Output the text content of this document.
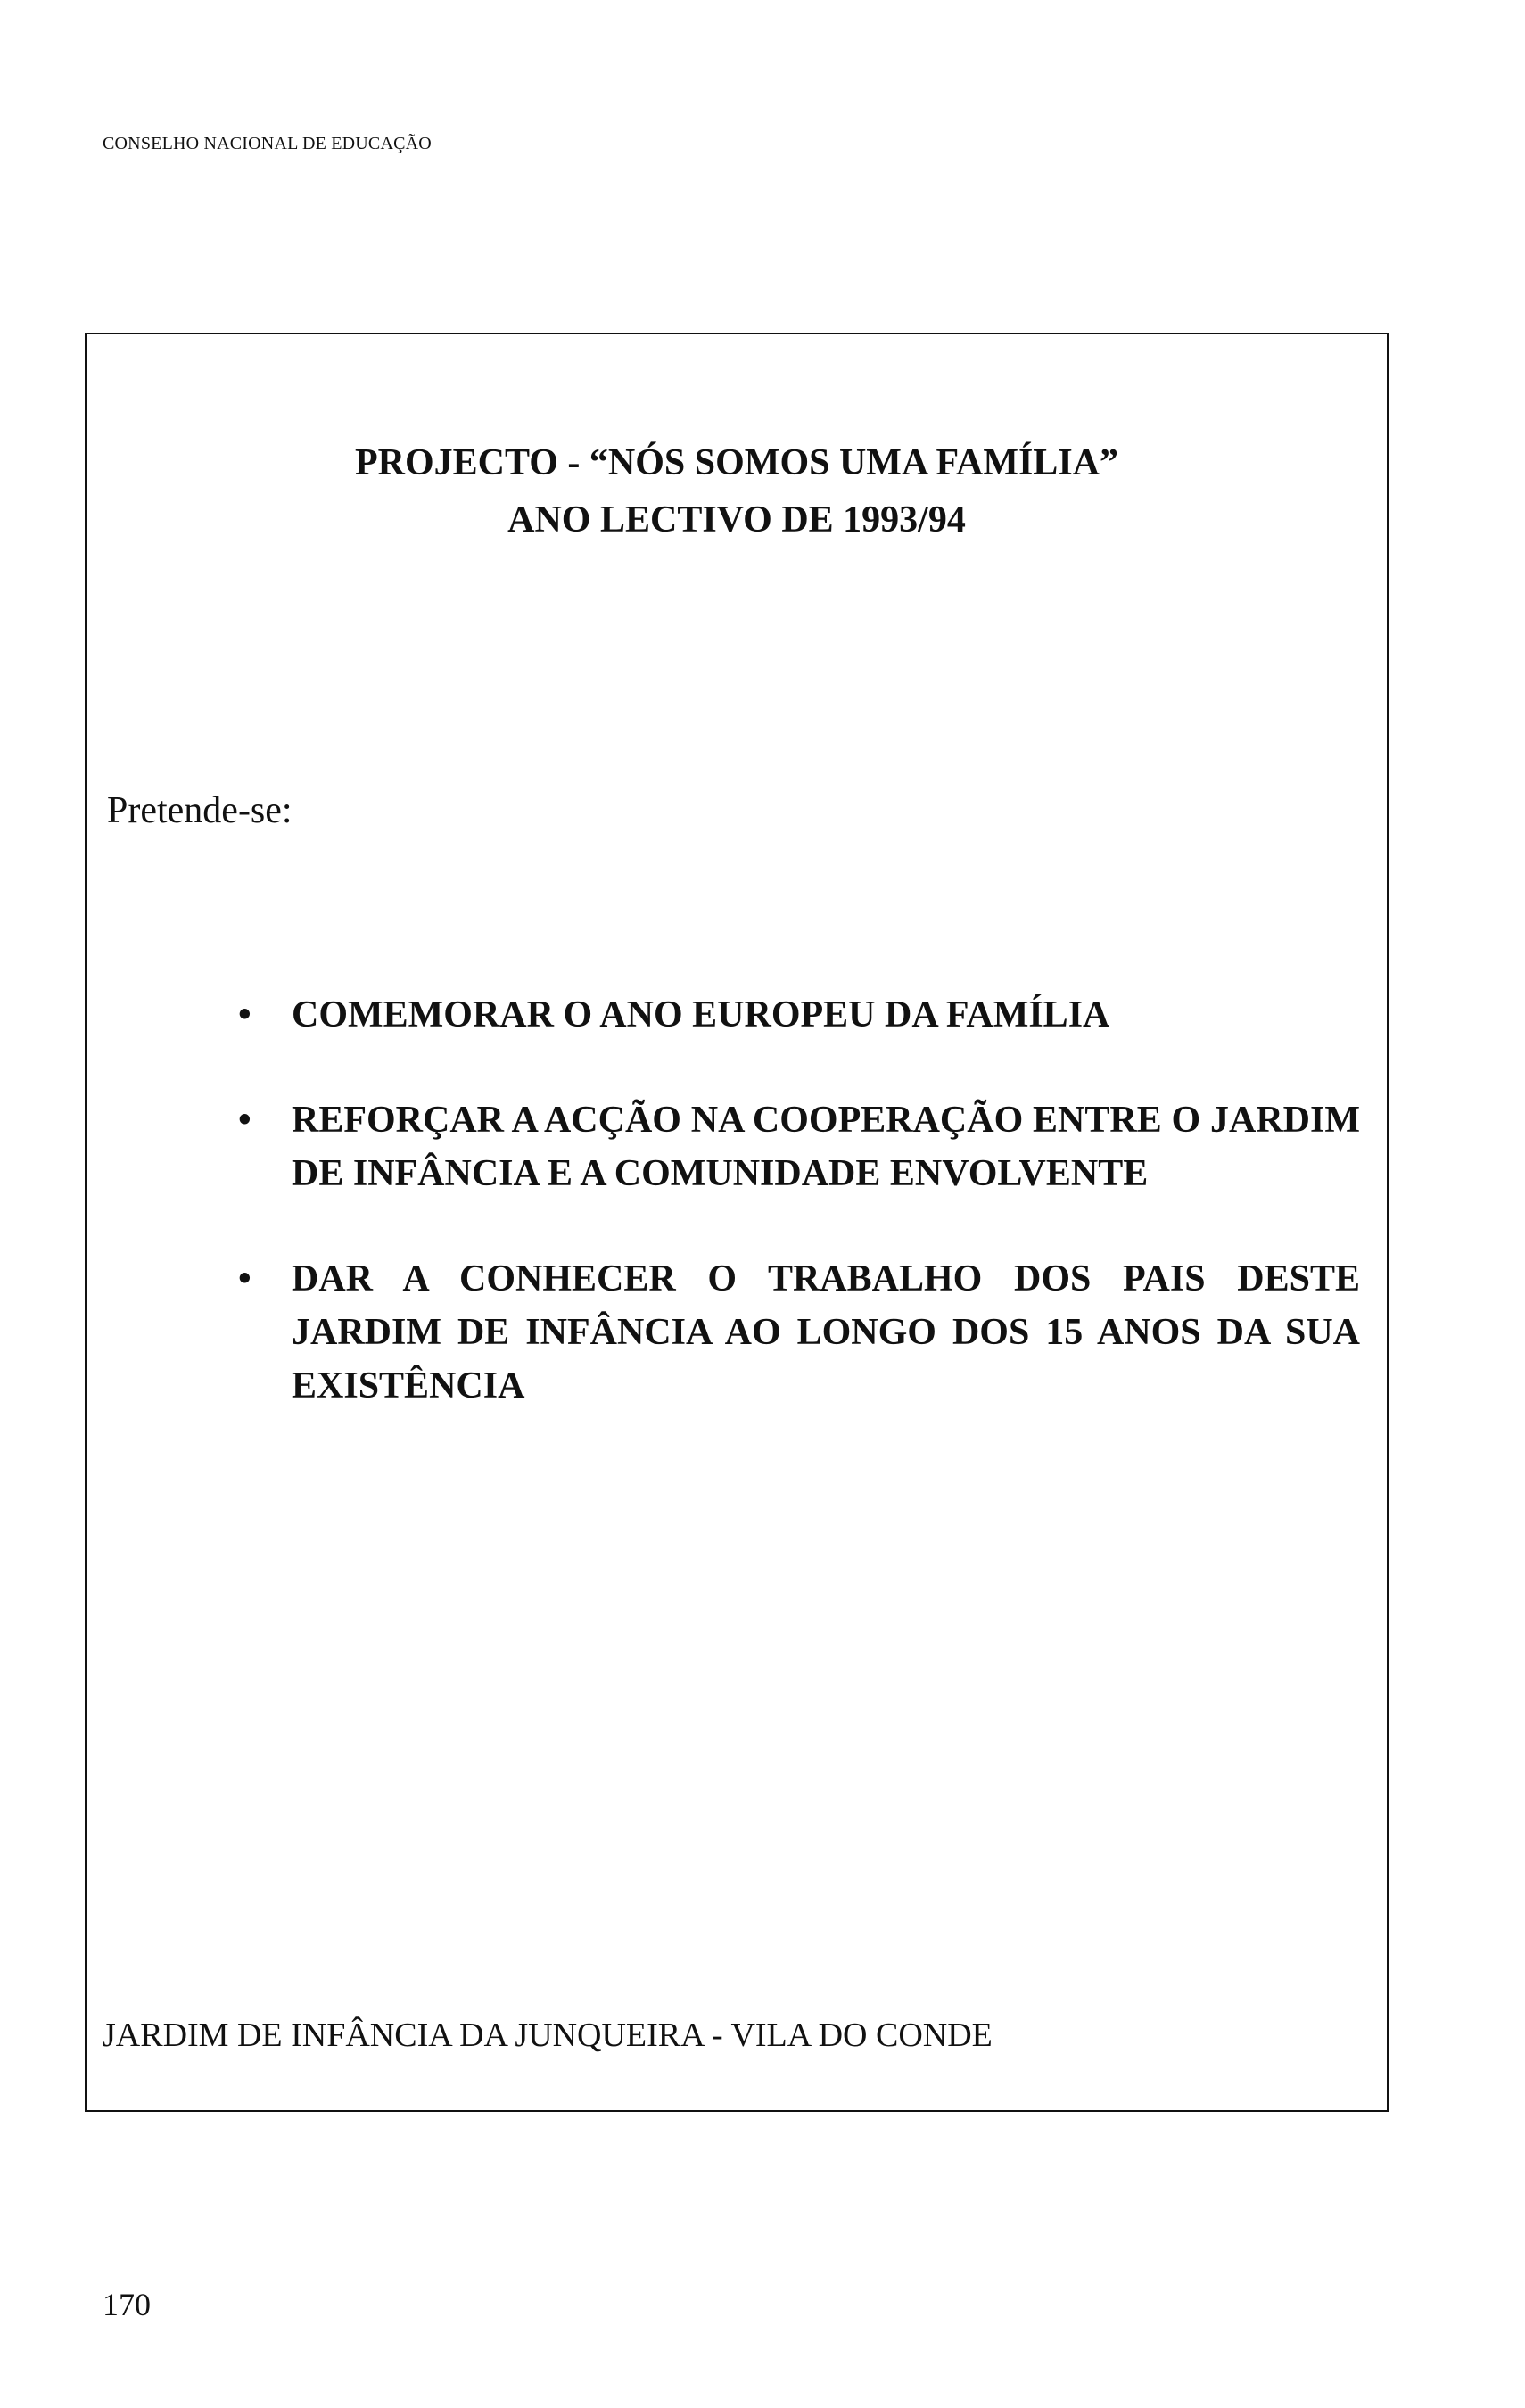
CONSELHO NACIONAL DE EDUCAÇÃO
PROJECTO - “NÓS SOMOS UMA FAMÍLIA”
ANO LECTIVO DE 1993/94
Pretende-se:
• COMEMORAR O ANO EUROPEU DA FAMÍLIA
• REFORÇAR A ACÇÃO NA COOPERAÇÃO ENTRE O JARDIM DE INFÂNCIA E A COMUNIDADE ENVOLVENTE
• DAR A CONHECER O TRABALHO DOS PAIS DESTE JARDIM DE INFÂNCIA AO LONGO DOS 15 ANOS DA SUA EXISTÊNCIA
JARDIM DE INFÂNCIA DA JUNQUEIRA - VILA DO CONDE
170
